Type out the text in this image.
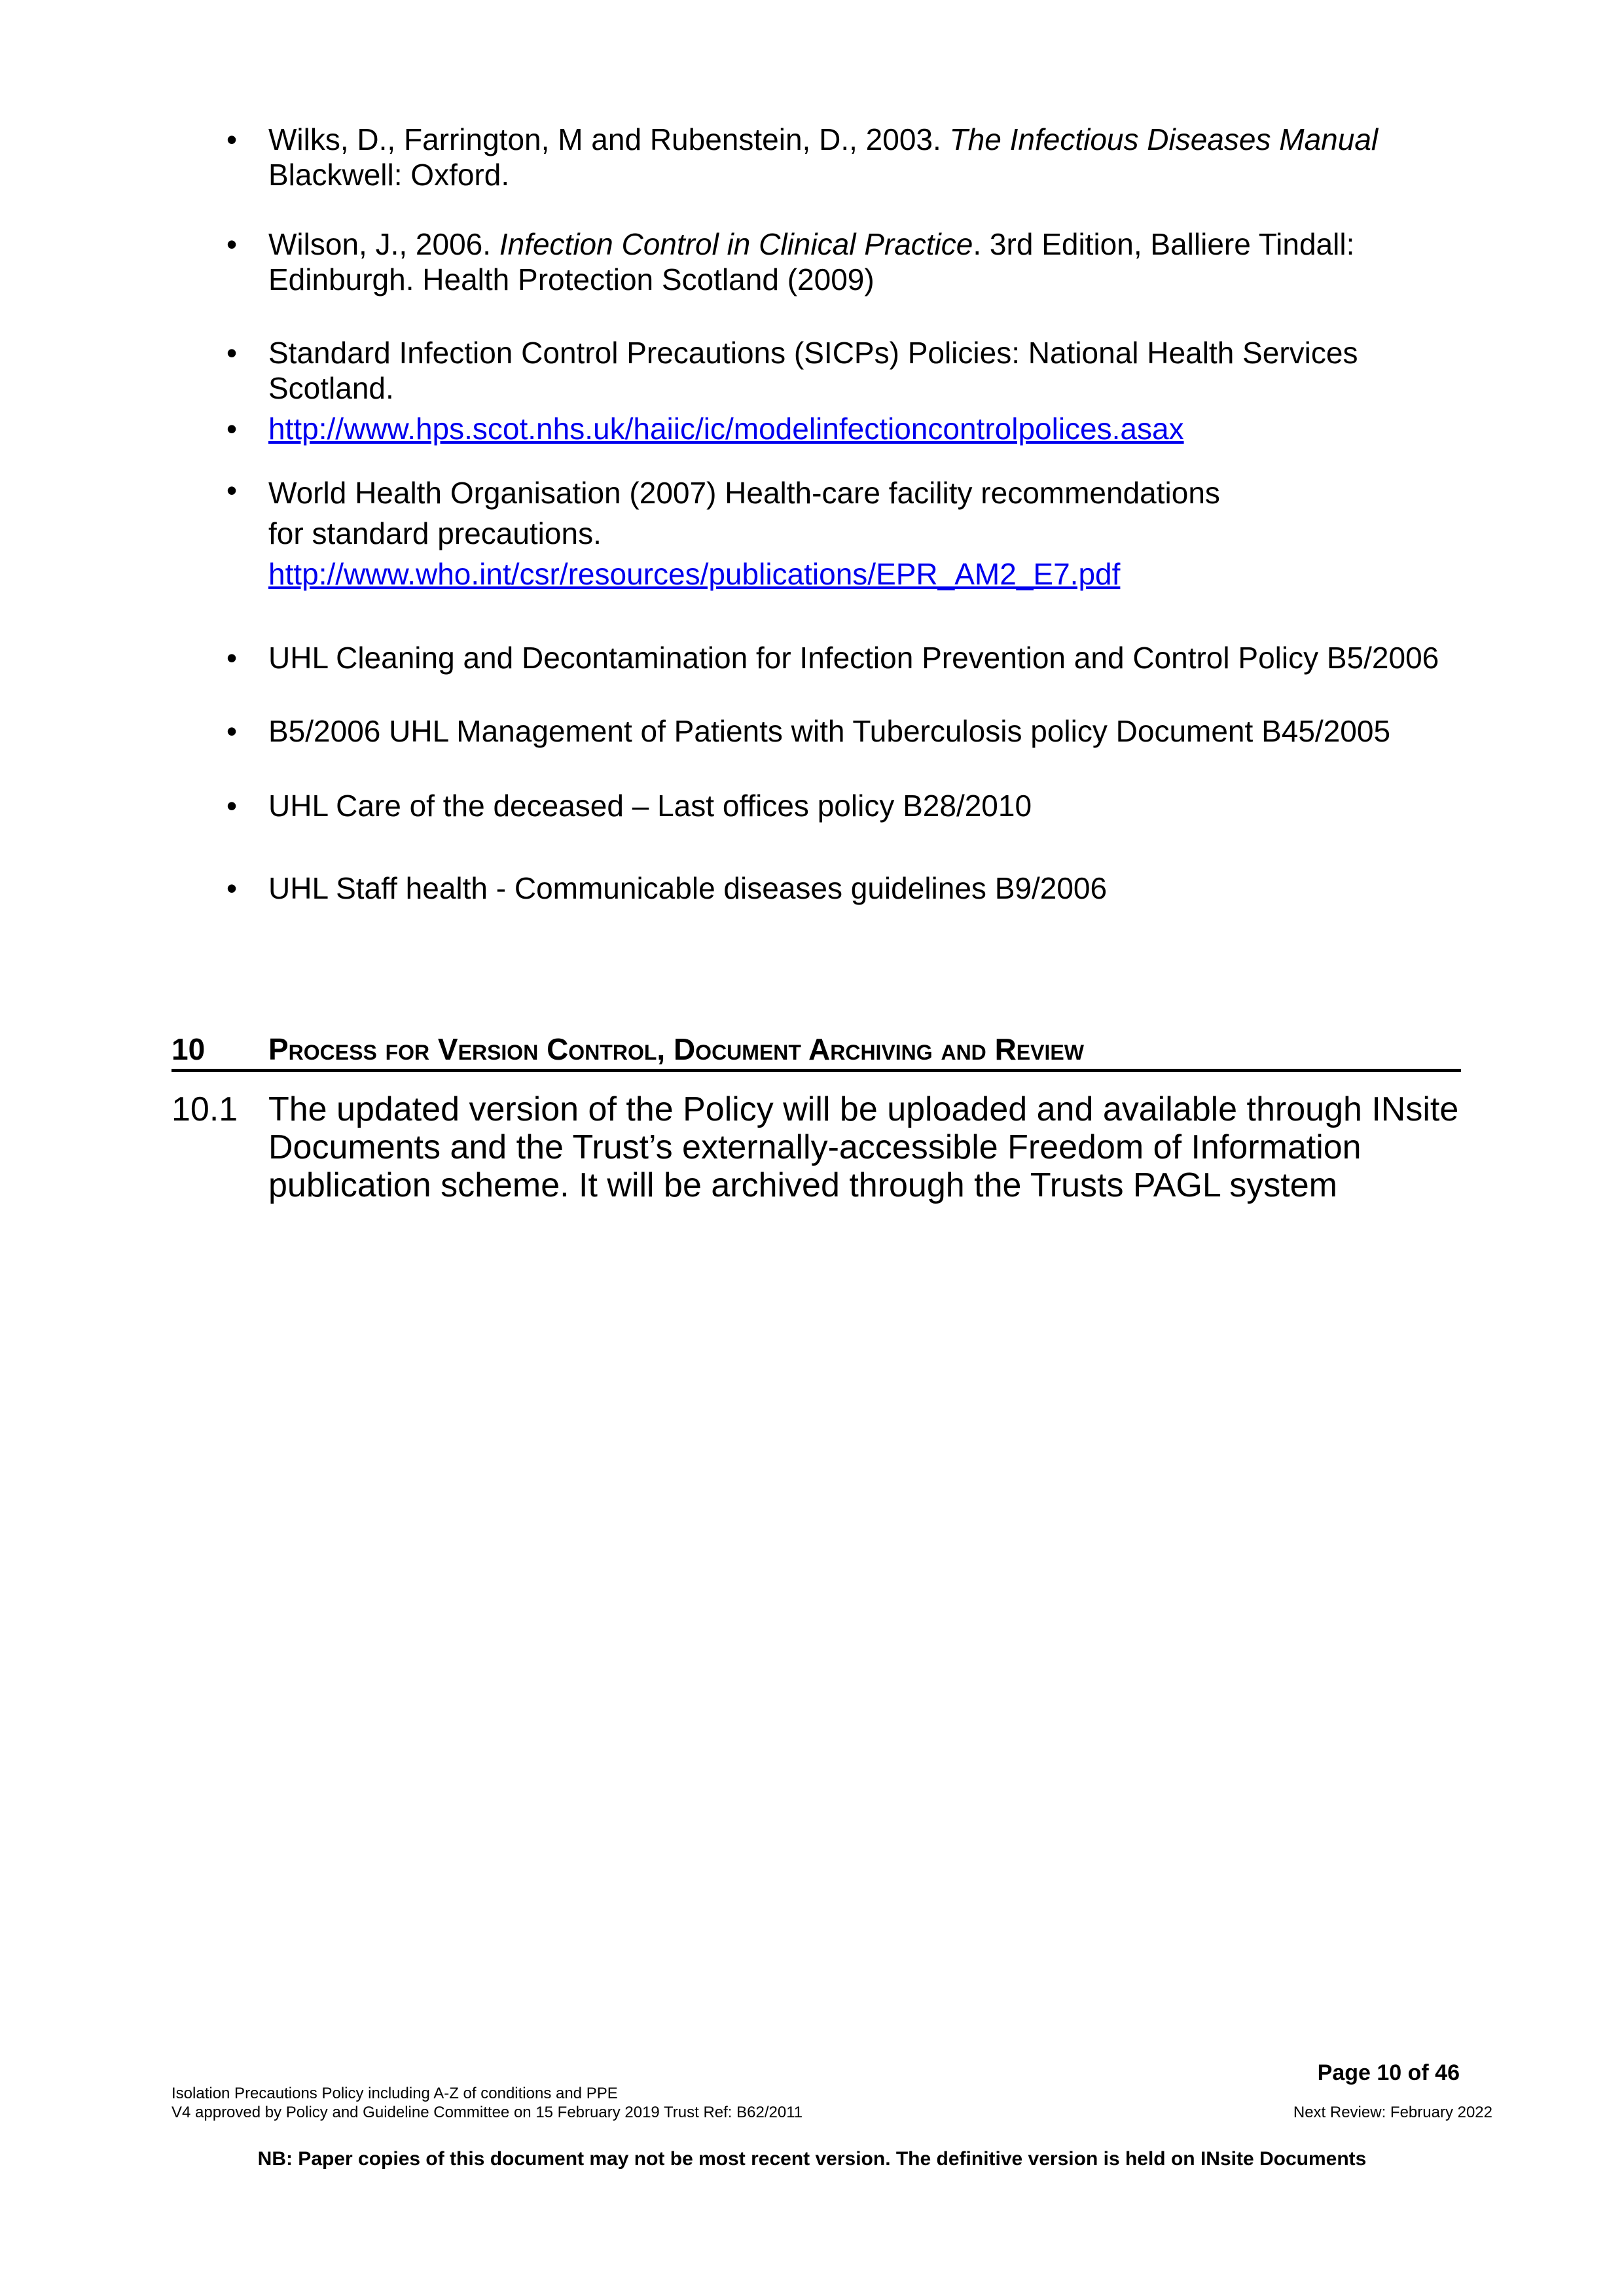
• Wilks, D., Farrington, M and Rubenstein, D., 2003. The Infectious Diseases Manual Blackwell: Oxford.
• Wilson, J., 2006. Infection Control in Clinical Practice. 3rd Edition, Balliere Tindall: Edinburgh. Health Protection Scotland (2009)
• Standard Infection Control Precautions (SICPs) Policies: National Health Services Scotland.
• http://www.hps.scot.nhs.uk/haiic/ic/modelinfectioncontrolpolices.asax
• World Health Organisation (2007) Health-care facility recommendations
for standard precautions.
http://www.who.int/csr/resources/publications/EPR_AM2_E7.pdf
• UHL Cleaning and Decontamination for Infection Prevention and Control Policy B5/2006
• B5/2006 UHL Management of Patients with Tuberculosis policy Document B45/2005
• UHL Care of the deceased – Last offices policy B28/2010
• UHL Staff health - Communicable diseases guidelines B9/2006
10 Process for Version Control, Document Archiving and Review
10.1 The updated version of the Policy will be uploaded and available through INsite Documents and the Trust’s externally-accessible Freedom of Information publication scheme. It will be archived through the Trusts PAGL system
Page 10 of 46
Isolation Precautions Policy including A-Z of conditions and PPE
V4 approved by Policy and Guideline Committee on 15 February 2019 Trust Ref: B62/2011	Next Review: February 2022
NB: Paper copies of this document may not be most recent version. The definitive version is held on INsite Documents
